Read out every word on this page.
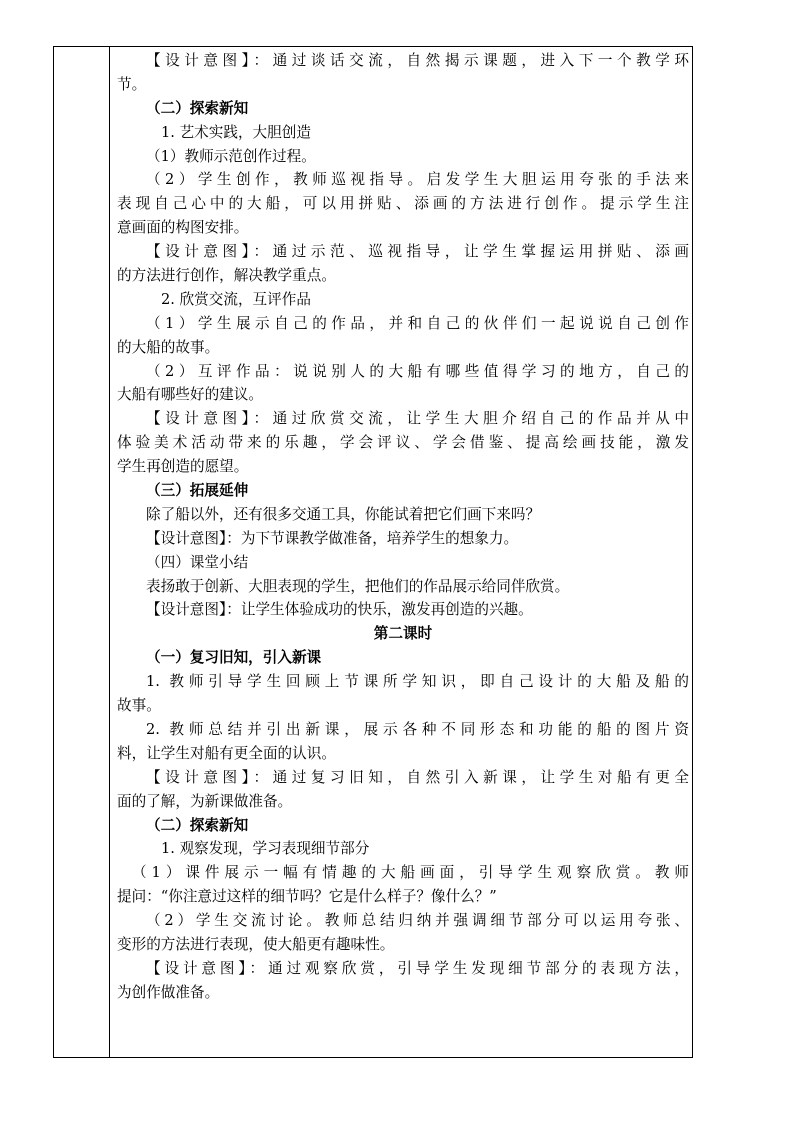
【设计意图】：通过谈话交流，自然揭示课题，进入下一个教学环
节。
（二）探索新知
1. 艺术实践，大胆创造
（1）教师示范创作过程。
（2）学生创作，教师巡视指导。启发学生大胆运用夸张的手法来
表现自己心中的大船，可以用拼贴、添画的方法进行创作。提示学生注
意画面的构图安排。
【设计意图】：通过示范、巡视指导，让学生掌握运用拼贴、添画
的方法进行创作，解决教学重点。
2. 欣赏交流，互评作品
（1）学生展示自己的作品，并和自己的伙伴们一起说说自己创作
的大船的故事。
（2）互评作品：说说别人的大船有哪些值得学习的地方，自己的
大船有哪些好的建议。
【设计意图】：通过欣赏交流，让学生大胆介绍自己的作品并从中
体验美术活动带来的乐趣，学会评议、学会借鉴、提高绘画技能，激发
学生再创造的愿望。
（三）拓展延伸
除了船以外，还有很多交通工具，你能试着把它们画下来吗？
【设计意图】：为下节课教学做准备，培养学生的想象力。
（四）课堂小结
表扬敢于创新、大胆表现的学生，把他们的作品展示给同伴欣赏。
【设计意图】：让学生体验成功的快乐，激发再创造的兴趣。
第二课时
（一）复习旧知，引入新课
1. 教师引导学生回顾上节课所学知识，即自己设计的大船及船的
故事。
2. 教师总结并引出新课，展示各种不同形态和功能的船的图片资
料，让学生对船有更全面的认识。
【设计意图】：通过复习旧知，自然引入新课，让学生对船有更全
面的了解，为新课做准备。
（二）探索新知
1. 观察发现，学习表现细节部分
（1）课件展示一幅有情趣的大船画面，引导学生观察欣赏。教师
提问：“你注意过这样的细节吗？它是什么样子？像什么？”
（2）学生交流讨论。教师总结归纳并强调细节部分可以运用夸张、
变形的方法进行表现，使大船更有趣味性。
【设计意图】：通过观察欣赏，引导学生发现细节部分的表现方法，
为创作做准备。
